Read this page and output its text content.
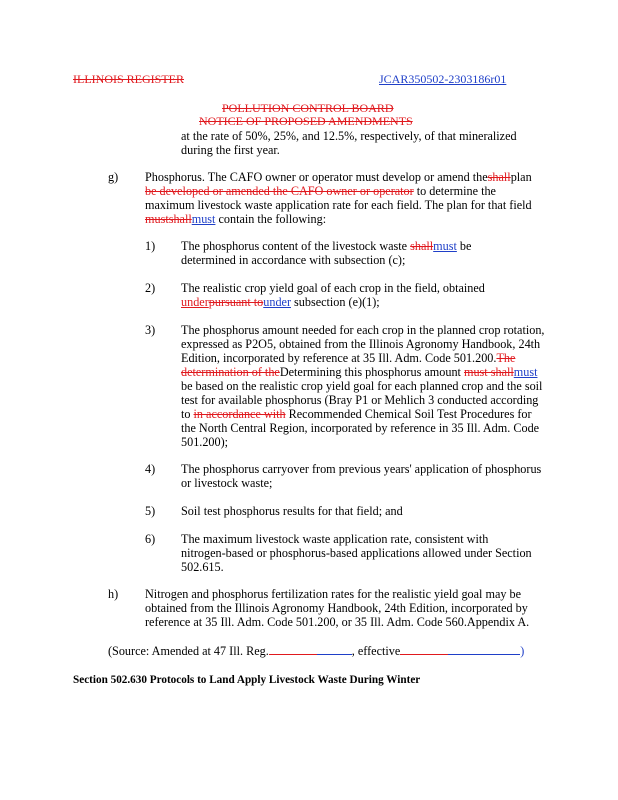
ILLINOIS REGISTER	JCAR350502-2303186r01
POLLUTION CONTROL BOARD
NOTICE OF PROPOSED AMENDMENTS
at the rate of 50%, 25%, and 12.5%, respectively, of that mineralized
during the first year.
g) Phosphorus. The CAFO owner or operator must develop or amend theshallplan
be developed or amended the CAFO owner or operator to determine the
maximum livestock waste application rate for each field. The plan for that field
mustshallmust contain the following:
1) The phosphorus content of the livestock waste shallmust be
determined in accordance with subsection (c);
2) The realistic crop yield goal of each crop in the field, obtained
underpursuant tounder subsection (e)(1);
3) The phosphorus amount needed for each crop in the planned crop rotation,
expressed as P2O5, obtained from the Illinois Agronomy Handbook, 24th
Edition, incorporated by reference at 35 Ill. Adm. Code 501.200.The
determination of theDetermining this phosphorus amount must shallmust
be based on the realistic crop yield goal for each planned crop and the soil
test for available phosphorus (Bray P1 or Mehlich 3 conducted according
to in accordance with Recommended Chemical Soil Test Procedures for
the North Central Region, incorporated by reference in 35 Ill. Adm. Code
501.200);
4) The phosphorus carryover from previous years' application of phosphorus
or livestock waste;
5) Soil test phosphorus results for that field; and
6) The maximum livestock waste application rate, consistent with
nitrogen-based or phosphorus-based applications allowed under Section
502.615.
h) Nitrogen and phosphorus fertilization rates for the realistic yield goal may be
obtained from the Illinois Agronomy Handbook, 24th Edition, incorporated by
reference at 35 Ill. Adm. Code 501.200, or 35 Ill. Adm. Code 560.Appendix A.
(Source: Amended at 47 Ill. Reg.	, effective	)
Section 502.630 Protocols to Land Apply Livestock Waste During Winter
